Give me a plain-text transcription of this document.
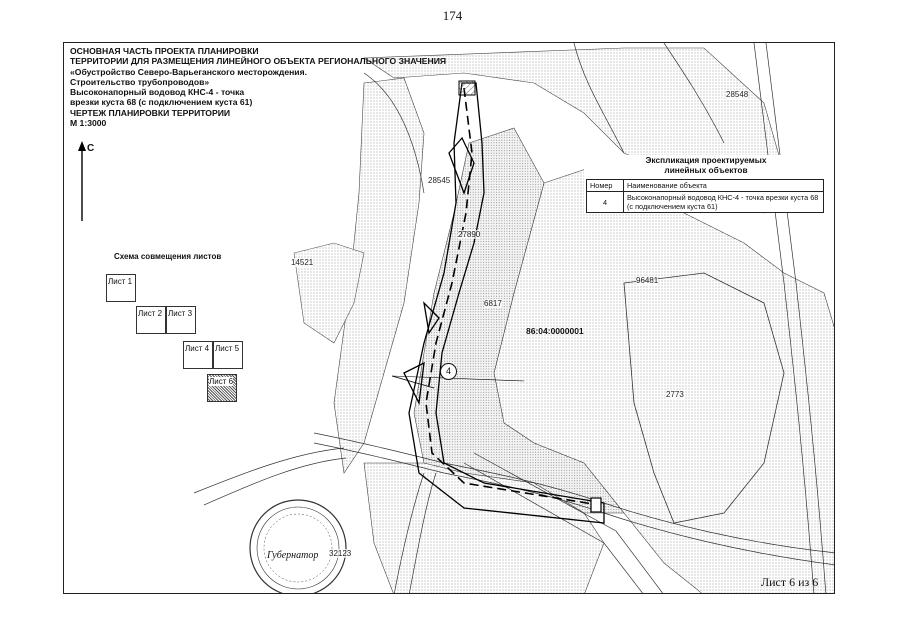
174
ОСНОВНАЯ ЧАСТЬ ПРОЕКТА ПЛАНИРОВКИ
ТЕРРИТОРИИ ДЛЯ РАЗМЕЩЕНИЯ ЛИНЕЙНОГО ОБЪЕКТА РЕГИОНАЛЬНОГО ЗНАЧЕНИЯ
«Обустройство Северо-Варьеганского месторождения.
Строительство трубопроводов»
Высоконапорный водовод КНС-4 - точка
врезки куста 68 (с подключением куста 61)
ЧЕРТЕЖ ПЛАНИРОВКИ ТЕРРИТОРИИ
М 1:3000
С
Схема совмещения листов
Лист 1
Лист 2 Лист 3
Лист 4 Лист 5
Лист 6
28548
28545
27890
14521
6817
96481
2773
32123
86:04:0000001
4
Экспликация проектируемых
линейных объектов
Номер	Наименование объекта
4	Высоконапорный водовод КНС-4 - точка врезки куста 68 (с подключением куста 61)
Губернатор
Лист 6 из 6
